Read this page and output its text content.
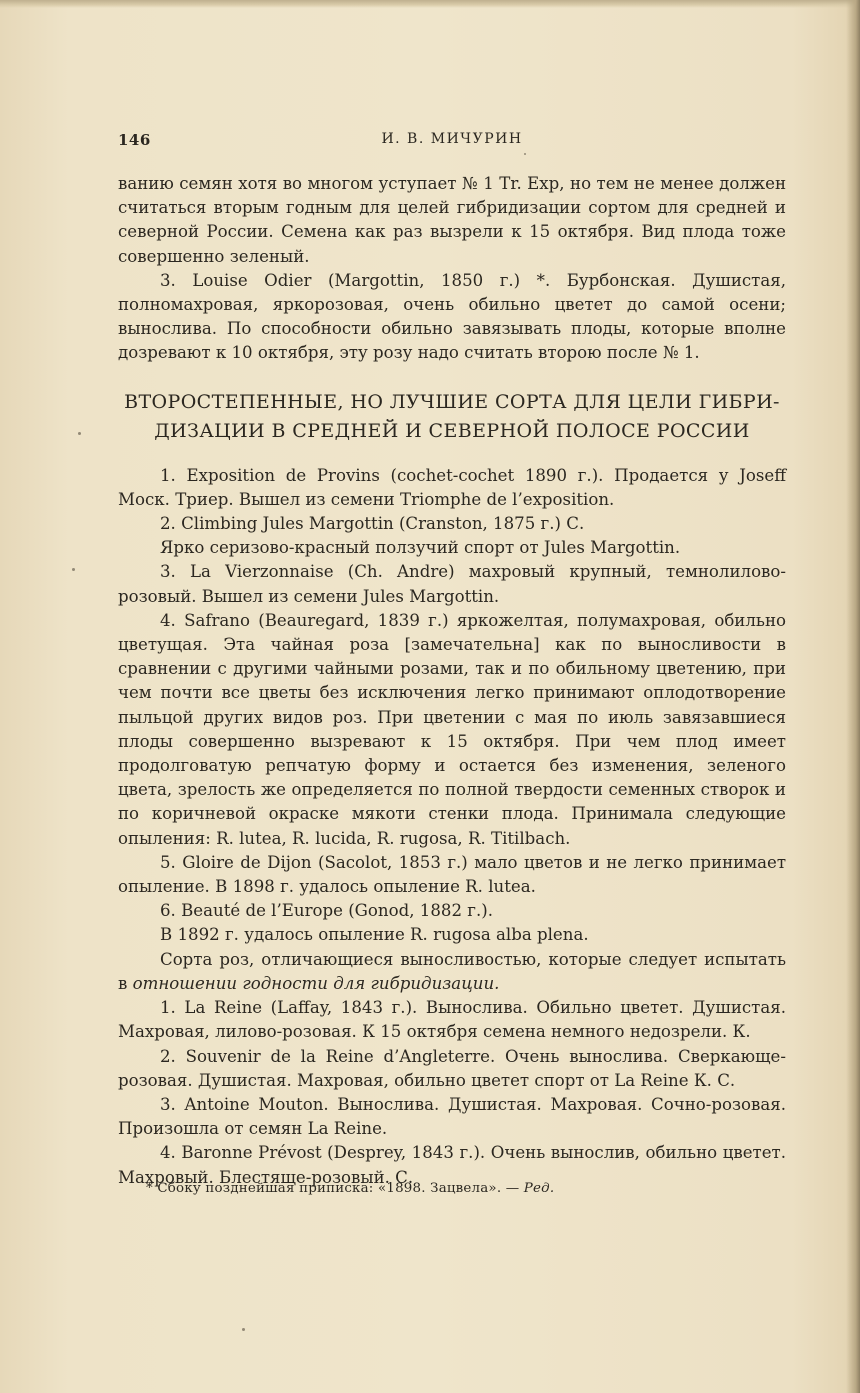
146	И. В. МИЧУРИН

ванию семян хотя во многом уступает № 1 Tr. Exp, но тем не менее должен считаться вторым годным для целей гибридизации сортом для средней и северной России. Семена как раз вызрели к 15 октября. Вид плода тоже совершенно зеленый.

3. Louise Odier (Margottin, 1850 г.) *. Бурбонская. Душистая, полномахровая, яркорозовая, очень обильно цветет до самой осени; вынослива. По способности обильно завязывать плоды, которые вполне дозревают к 10 октября, эту розу надо считать второю после № 1.

ВТОРОСТЕПЕННЫЕ, НО ЛУЧШИЕ СОРТА ДЛЯ ЦЕЛИ ГИБРИ-
ДИЗАЦИИ В СРЕДНЕЙ И СЕВЕРНОЙ ПОЛОСЕ РОССИИ

1. Exposition de Provins (cochet-cochet 1890 г.). Продается у Joseff Моск. Триер. Вышел из семени Triomphe de l’exposition.

2. Climbing Jules Margottin (Cranston, 1875 г.) С.

Ярко серизово-красный ползучий спорт от Jules Margottin.

3. La Vierzonnaise (Ch. Andre) махровый крупный, темнолилово-розовый. Вышел из семени Jules Margottin.

4. Safrano (Beauregard, 1839 г.) яркожелтая, полумахровая, обильно цветущая. Эта чайная роза [замечательна] как по выносливости в сравнении с другими чайными розами, так и по обильному цветению, при чем почти все цветы без исключения легко принимают оплодотворение пыльцой других видов роз. При цветении с мая по июль завязавшиеся плоды совершенно вызревают к 15 октября. При чем плод имеет продолговатую репчатую форму и остается без изменения, зеленого цвета, зрелость же определяется по полной твердости семенных створок и по коричневой окраске мякоти стенки плода. Принимала следующие опыления: R. lutea, R. lucida, R. rugosa, R. Titilbach.

5. Gloire de Dijon (Sacolot, 1853 г.) мало цветов и не легко принимает опыление. В 1898 г. удалось опыление R. lutea.

6. Beauté de l’Europe (Gonod, 1882 г.).

В 1892 г. удалось опыление R. rugosa alba plena.

Сорта роз, отличающиеся выносливостью, которые следует испытать в отношении годности для гибридизации.

1. La Reine (Laffay, 1843 г.). Вынослива. Обильно цветет. Душистая. Махровая, лилово-розовая. К 15 октября семена немного недозрели. К.

2. Souvenir de la Reine d’Angleterre. Очень вынослива. Сверкающе-розовая. Душистая. Махровая, обильно цветет спорт от La Reine К. С.

3. Antoine Mouton. Вынослива. Душистая. Махровая. Сочно-розовая. Произошла от семян La Reine.

4. Baronne Prévost (Desprey, 1843 г.). Очень вынослив, обильно цветет. Махровый. Блестяще-розовый. С.

* Сбоку позднейшая приписка: «1898. Зацвела». — Ред.
